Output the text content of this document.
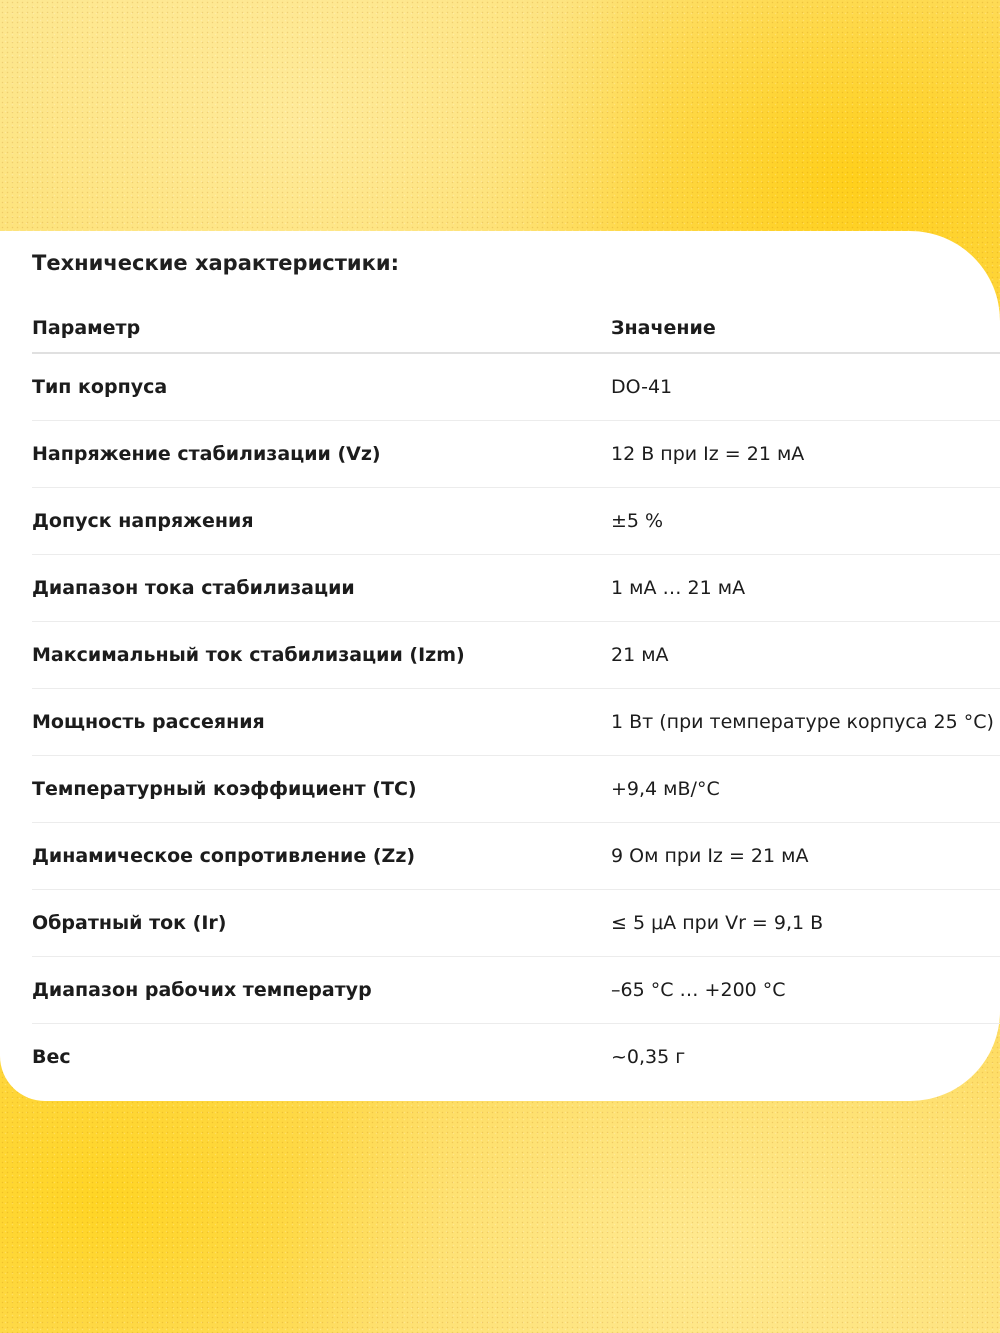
Технические характеристики:
Параметр	Значение
Тип корпуса	DO-41
Напряжение стабилизации (Vz)	12 В при Iz = 21 мА
Допуск напряжения	±5 %
Диапазон тока стабилизации	1 мА … 21 мА
Максимальный ток стабилизации (Izm)	21 мА
Мощность рассеяния	1 Вт (при температуре корпуса 25 °C)
Температурный коэффициент (TC)	+9,4 мВ/°C
Динамическое сопротивление (Zz)	9 Ом при Iz = 21 мА
Обратный ток (Ir)	≤ 5 μA при Vr = 9,1 В
Диапазон рабочих температур	–65 °C … +200 °C
Вес	~0,35 г
